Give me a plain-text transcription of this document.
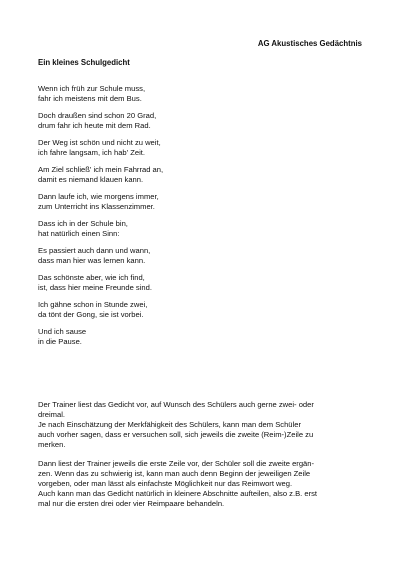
AG Akustisches Gedächtnis
Ein kleines Schulgedicht
Wenn ich früh zur Schule muss,
fahr ich meistens mit dem Bus.
Doch draußen sind schon 20 Grad,
drum fahr ich heute mit dem Rad.
Der Weg ist schön und nicht zu weit,
ich fahre langsam, ich hab' Zeit.
Am Ziel schließ' ich mein Fahrrad an,
damit es niemand klauen kann.
Dann laufe ich, wie morgens immer,
zum Unterricht ins Klassenzimmer.
Dass ich in der Schule bin,
hat natürlich einen Sinn:
Es passiert auch dann und wann,
dass man hier was lernen kann.
Das schönste aber, wie ich find,
ist, dass hier meine Freunde sind.
Ich gähne schon in Stunde zwei,
da tönt der Gong, sie ist vorbei.
Und ich sause
in die Pause.
Der Trainer liest das Gedicht vor, auf Wunsch des Schülers auch gerne zwei- oder
dreimal.
Je nach Einschätzung der Merkfähigkeit des Schülers, kann man dem Schüler
auch vorher sagen, dass er versuchen soll, sich jeweils die zweite (Reim-)Zeile zu
merken.
Dann liest der Trainer jeweils die erste Zeile vor, der Schüler soll die zweite ergän-
zen. Wenn das zu schwierig ist, kann man auch denn Beginn der jeweiligen Zeile
vorgeben, oder man lässt als einfachste Möglichkeit nur das Reimwort weg.
Auch kann man das Gedicht natürlich in kleinere Abschnitte aufteilen, also z.B. erst
mal nur die ersten drei oder vier Reimpaare behandeln.
